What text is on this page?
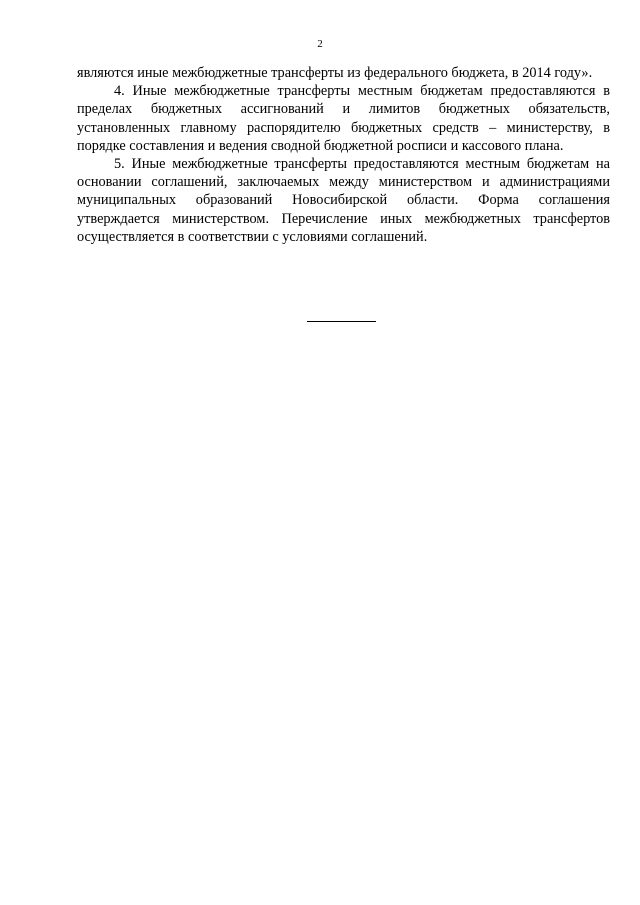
2

являются иные межбюджетные трансферты из федерального бюджета, в 2014 году».

4. Иные межбюджетные трансферты местным бюджетам предоставляются в пределах бюджетных ассигнований и лимитов бюджетных обязательств, установленных главному распорядителю бюджетных средств – министерству, в порядке составления и ведения сводной бюджетной росписи и кассового плана.

5. Иные межбюджетные трансферты предоставляются местным бюджетам на основании соглашений, заключаемых между министерством и администрациями муниципальных образований Новосибирской области. Форма соглашения утверждается министерством. Перечисление иных межбюджетных трансфертов осуществляется в соответствии с условиями соглашений.
